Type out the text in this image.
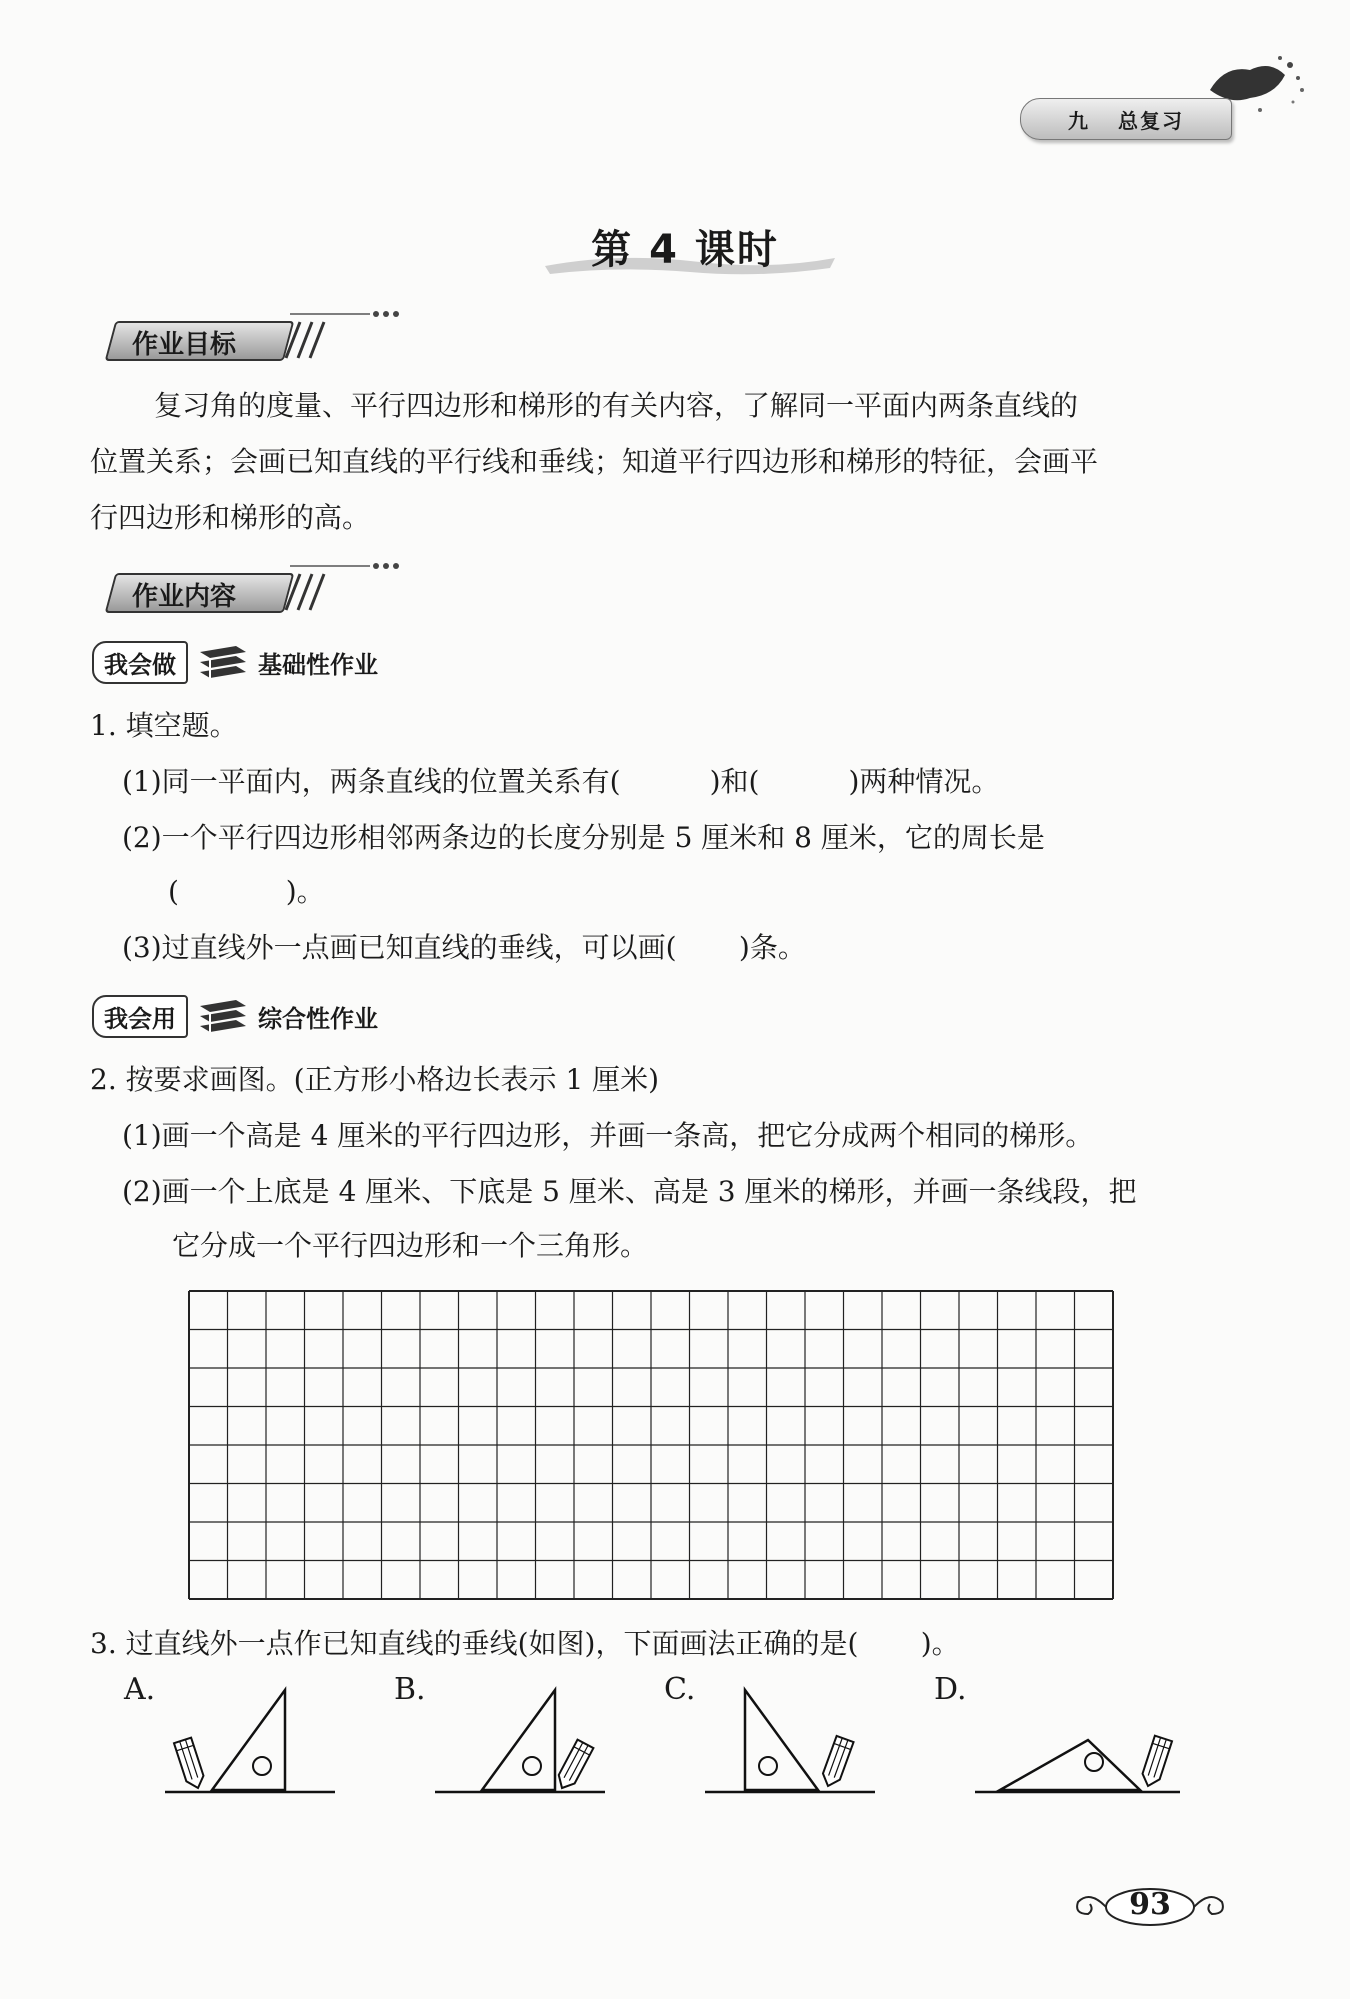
九 总复习
第 4 课时
作业目标
复习角的度量、平行四边形和梯形的有关内容，了解同一平面内两条直线的
位置关系；会画已知直线的平行线和垂线；知道平行四边形和梯形的特征，会画平
行四边形和梯形的高。
作业内容
我会做	基础性作业
1. 填空题。
(1)同一平面内，两条直线的位置关系有(          )和(          )两种情况。
(2)一个平行四边形相邻两条边的长度分别是 5 厘米和 8 厘米，它的周长是
(            )。
(3)过直线外一点画已知直线的垂线，可以画(       )条。
我会用	综合性作业
2. 按要求画图。(正方形小格边长表示 1 厘米)
(1)画一个高是 4 厘米的平行四边形，并画一条高，把它分成两个相同的梯形。
(2)画一个上底是 4 厘米、下底是 5 厘米、高是 3 厘米的梯形，并画一条线段，把
它分成一个平行四边形和一个三角形。
3. 过直线外一点作已知直线的垂线(如图)，下面画法正确的是(       )。
A.	B.	C.	D.
93
